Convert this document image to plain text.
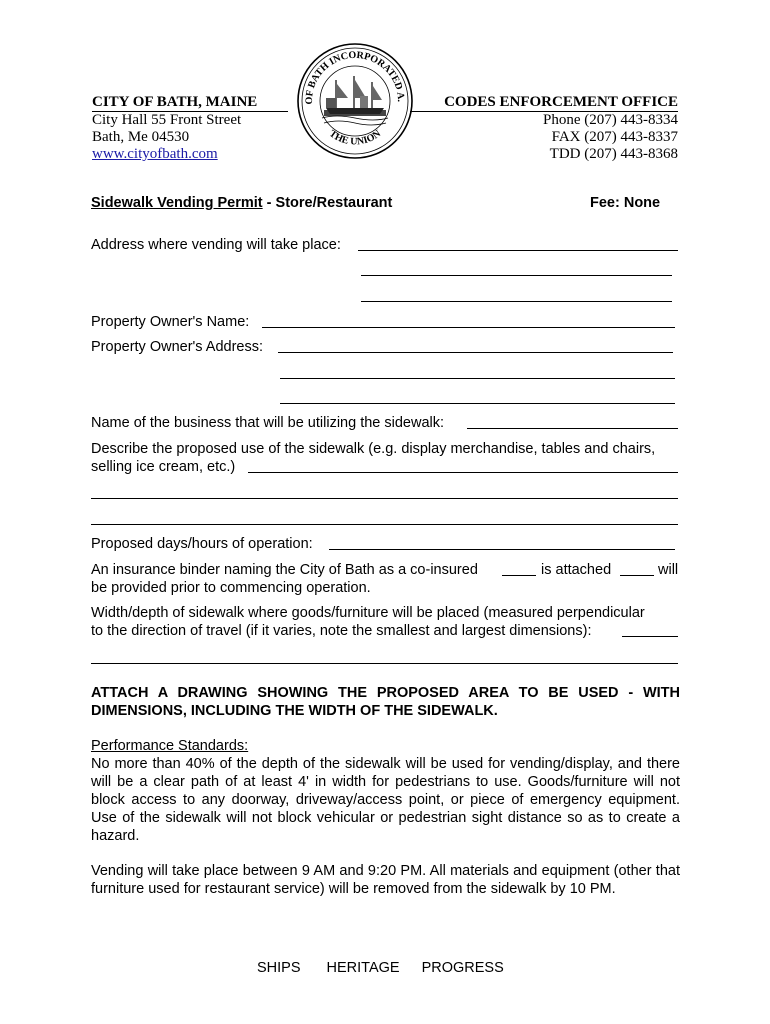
CITY OF BATH, MAINE
City Hall 55 Front Street
Bath, Me 04530
www.cityofbath.com
OF BATH INCORPORATED A.
THE UNION
CODES ENFORCEMENT OFFICE
Phone (207) 443-8334
FAX (207) 443-8337
TDD (207) 443-8368
Sidewalk Vending Permit - Store/Restaurant	Fee: None
Address where vending will take place:
Property Owner's Name:
Property Owner's Address:
Name of the business that will be utilizing the sidewalk:
Describe the proposed use of the sidewalk (e.g. display merchandise, tables and chairs,
selling ice cream, etc.)
Proposed days/hours of operation:
An insurance binder naming the City of Bath as a co-insured	is attached	will
be provided prior to commencing operation.
Width/depth of sidewalk where goods/furniture will be placed (measured perpendicular
to the direction of travel (if it varies, note the smallest and largest dimensions):
ATTACH A DRAWING SHOWING THE PROPOSED AREA TO BE USED - WITH DIMENSIONS, INCLUDING THE WIDTH OF THE SIDEWALK.
Performance Standards:
No more than 40% of the depth of the sidewalk will be used for vending/display, and there will be a clear path of at least 4' in width for pedestrians to use. Goods/furniture will not block access to any doorway, driveway/access point, or piece of emergency equipment. Use of the sidewalk will not block vehicular or pedestrian sight distance so as to create a hazard.
Vending will take place between 9 AM and 9:20 PM. All materials and equipment (other that furniture used for restaurant service) will be removed from the sidewalk by 10 PM.
SHIPS HERITAGE PROGRESS
